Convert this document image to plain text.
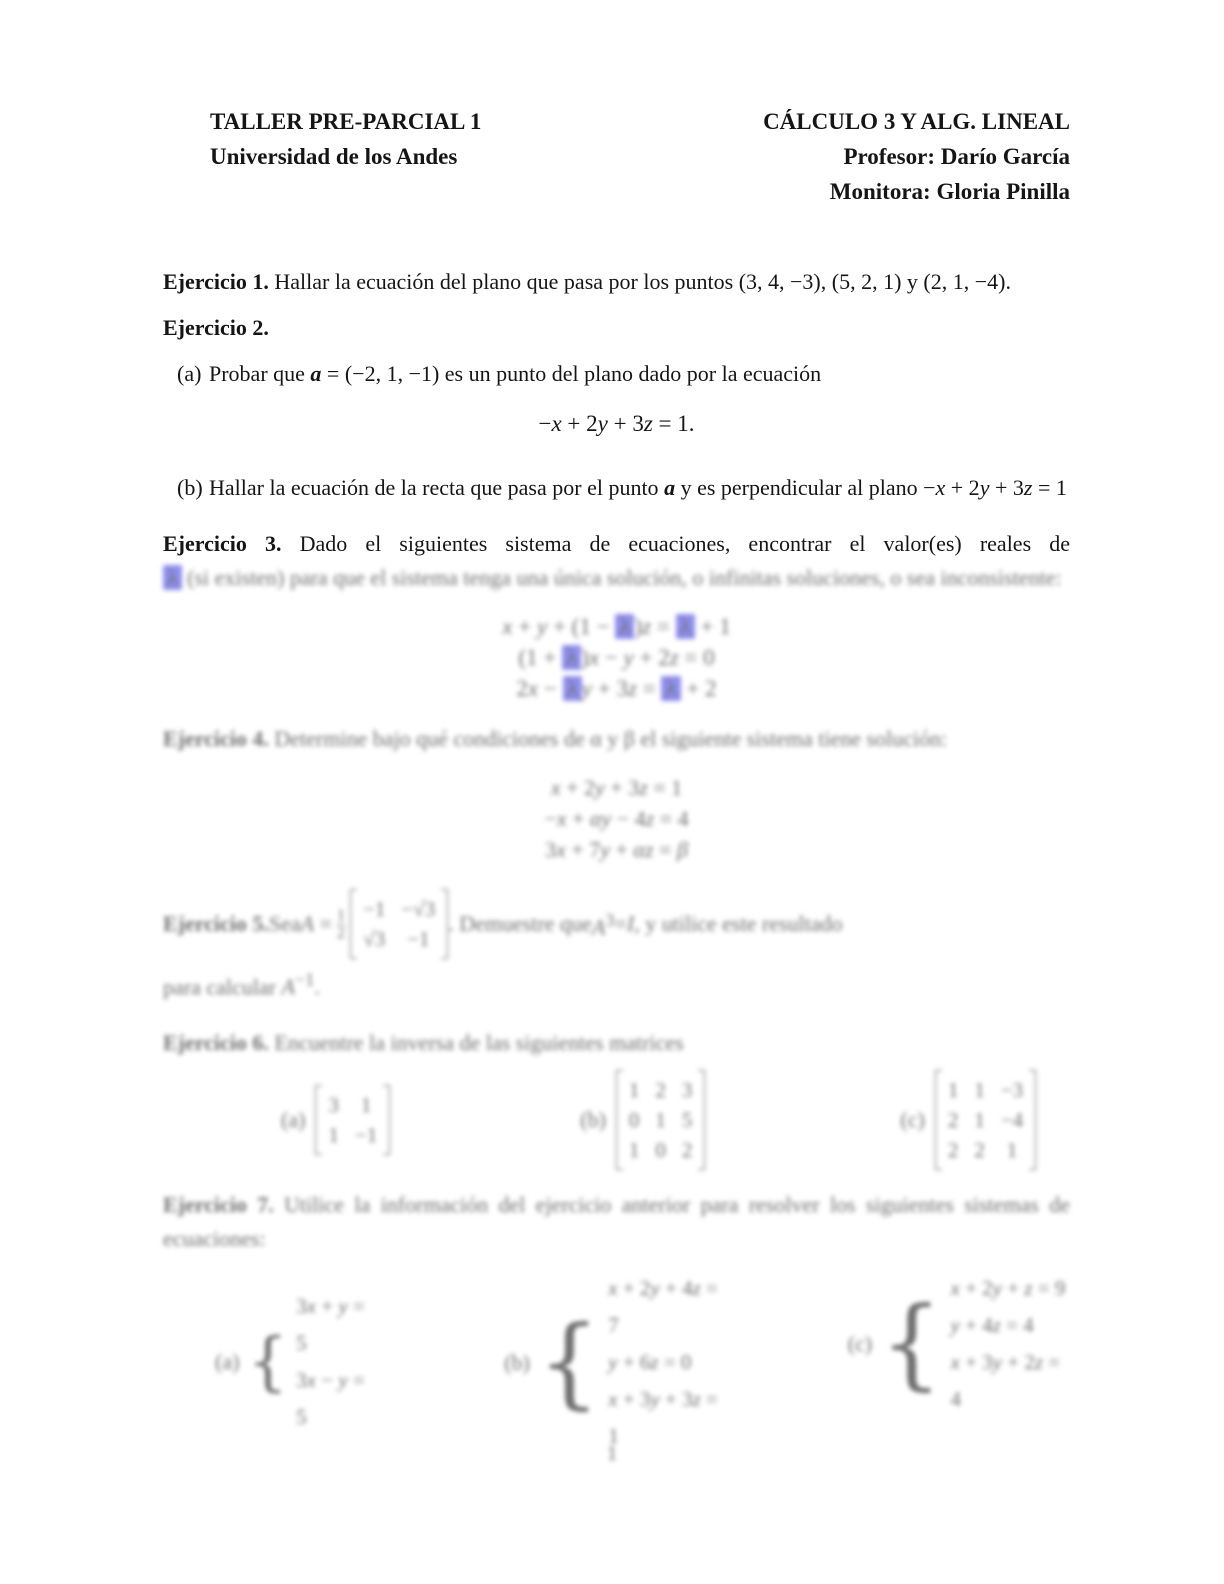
TALLER PRE-PARCIAL 1
Universidad de los Andes
CÁLCULO 3 Y ALG. LINEAL
Profesor: Darío García
Monitora: Gloria Pinilla

Ejercicio 1. Hallar la ecuación del plano que pasa por los puntos (3, 4, −3), (5, 2, 1) y (2, 1, −4).

Ejercicio 2.

(a) Probar que a = (−2, 1, −1) es un punto del plano dado por la ecuación
−x + 2y + 3z = 1.
(b) Hallar la ecuación de la recta que pasa por el punto a y es perpendicular al plano −x + 2y + 3z = 1
Ejercicio 3. Dado el siguientes sistema de ecuaciones, encontrar el valor(es) reales de
λ (si existen) para que el sistema tenga una única solución, o infinitas soluciones, o sea inconsistente:
x + y + (1 − λ )z = λ + 1
(1 + λ )x − y + 2z = 0
2x − λ y + 3z = λ + 2

Ejercicio 4. Determine bajo qué condiciones de α y β el siguiente sistema tiene solución:

x + 2y + 3z = 1
−x + αy − 4z = 4
3x + 7y + αz = β
Ejercicio 5. Sea $A = \frac{1}{2} -1 -√3$
√3 −1
. Demuestre que $A^3 = I$ , y utilice este resultado

para calcular $A^{-1}$.

Ejercicio 6. Encuentre la inversa de las siguientes matrices

(a)
3 1
1 −1
(b)
1 2 3
0 1 5
1 0 2
(c)
1 1 −3
2 1 −4
2 2 1

Ejercicio 7. Utilice la información del ejercicio anterior para resolver los siguientes sistemas de ecuaciones:

(a) {
3x + y = 5
3x − y = 5
(b) {
x + 2y + 4z = 7
y + 6z = 0
x + 3y + 3z = 1
(c) { x + 2y + z = 9
y + 4z = 4
x + 3y + 2z = 4
1
